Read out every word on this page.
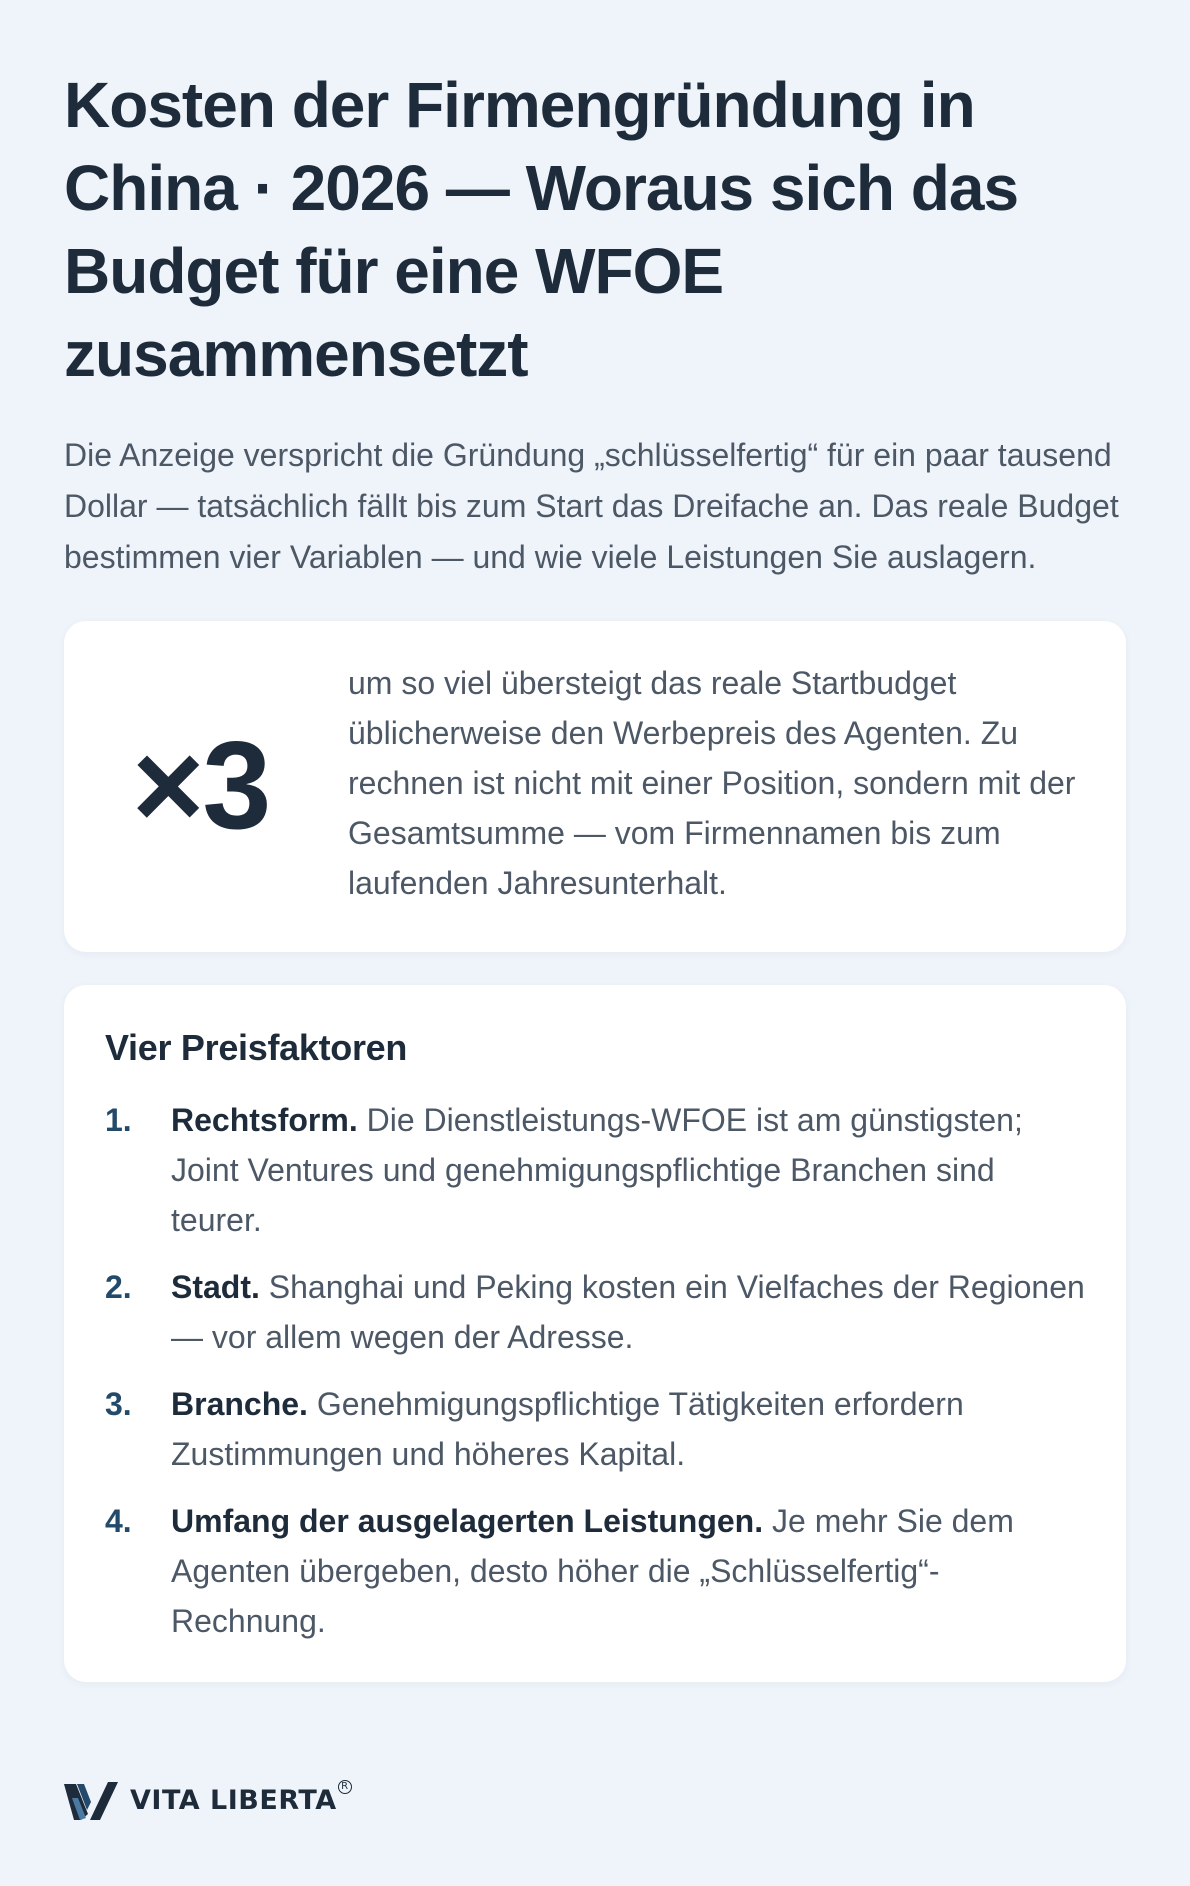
Kosten der Firmengründung in China · 2026 — Woraus sich das Budget für eine WFOE zusammensetzt

Die Anzeige verspricht die Gründung „schlüsselfertig“ für ein paar tausend Dollar — tatsächlich fällt bis zum Start das Dreifache an. Das reale Budget bestimmen vier Variablen — und wie viele Leistungen Sie auslagern.

×3
um so viel übersteigt das reale Startbudget üblicherweise den Werbepreis des Agenten. Zu rechnen ist nicht mit einer Position, sondern mit der Gesamtsumme — vom Firmennamen bis zum laufenden Jahresunterhalt.
Vier Preisfaktoren
1. Rechtsform. Die Dienstleistungs-WFOE ist am günstigsten; Joint Ventures und genehmigungspflichtige Branchen sind teurer.
2. Stadt. Shanghai und Peking kosten ein Vielfaches der Regionen — vor allem wegen der Adresse.
3. Branche. Genehmigungspflichtige Tätigkeiten erfordern Zustimmungen und höheres Kapital.
4. Umfang der ausgelagerten Leistungen. Je mehr Sie dem Agenten übergeben, desto höher die „Schlüsselfertig“-Rechnung.
VITA LIBERTA R
